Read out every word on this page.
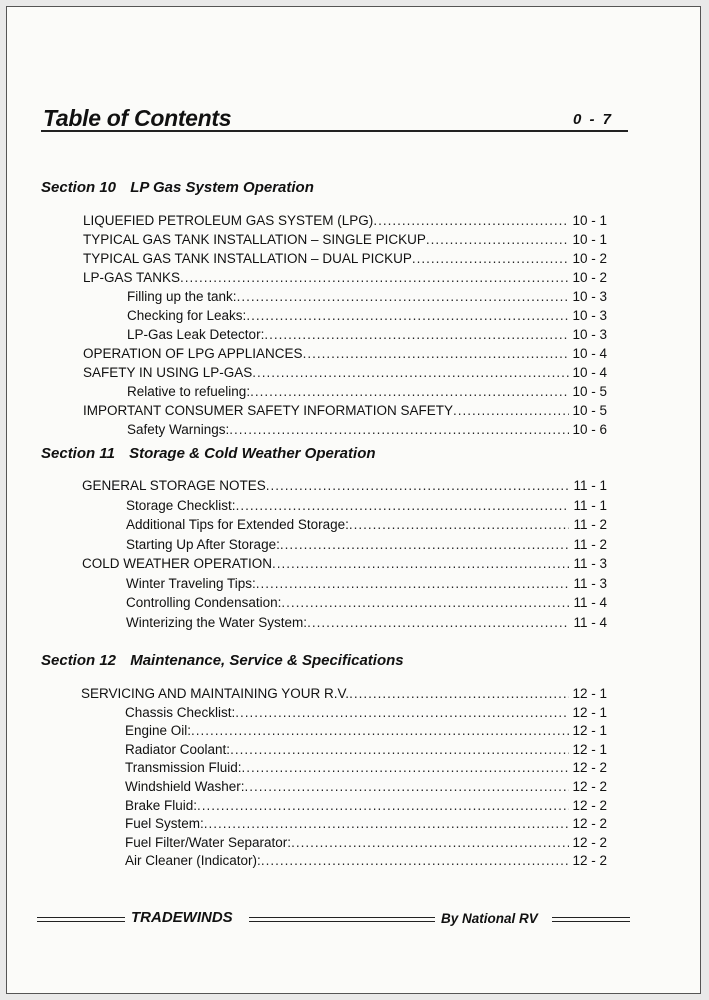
Table of Contents	0 - 7
Section 10 LP Gas System Operation
LIQUEFIED PETROLEUM GAS SYSTEM (LPG) .....	10 - 1
TYPICAL GAS TANK INSTALLATION – SINGLE PICKUP .....	10 - 1
TYPICAL GAS TANK INSTALLATION – DUAL PICKUP .....	10 - 2
LP-GAS TANKS .....	10 - 2
Filling up the tank: .....	10 - 3
Checking for Leaks: .....	10 - 3
LP-Gas Leak Detector: .....	10 - 3
OPERATION OF LPG APPLIANCES .....	10 - 4
SAFETY IN USING LP-GAS .....	10 - 4
Relative to refueling: .....	10 - 5
IMPORTANT CONSUMER SAFETY INFORMATION SAFETY .....	10 - 5
Safety Warnings: .....	10 - 6
Section 11 Storage & Cold Weather Operation
GENERAL STORAGE NOTES .....	11 - 1
Storage Checklist: .....	11 - 1
Additional Tips for Extended Storage: .....	11 - 2
Starting Up After Storage: .....	11 - 2
COLD WEATHER OPERATION .....	11 - 3
Winter Traveling Tips: .....	11 - 3
Controlling Condensation: .....	11 - 4
Winterizing the Water System: .....	11 - 4
Section 12 Maintenance, Service & Specifications
SERVICING AND MAINTAINING YOUR R.V. .....	12 - 1
Chassis Checklist: .....	12 - 1
Engine Oil: .....	12 - 1
Radiator Coolant: .....	12 - 1
Transmission Fluid: .....	12 - 2
Windshield Washer: .....	12 - 2
Brake Fluid: .....	12 - 2
Fuel System: .....	12 - 2
Fuel Filter/Water Separator: .....	12 - 2
Air Cleaner (Indicator): .....	12 - 2
TRADEWINDS	By National RV
